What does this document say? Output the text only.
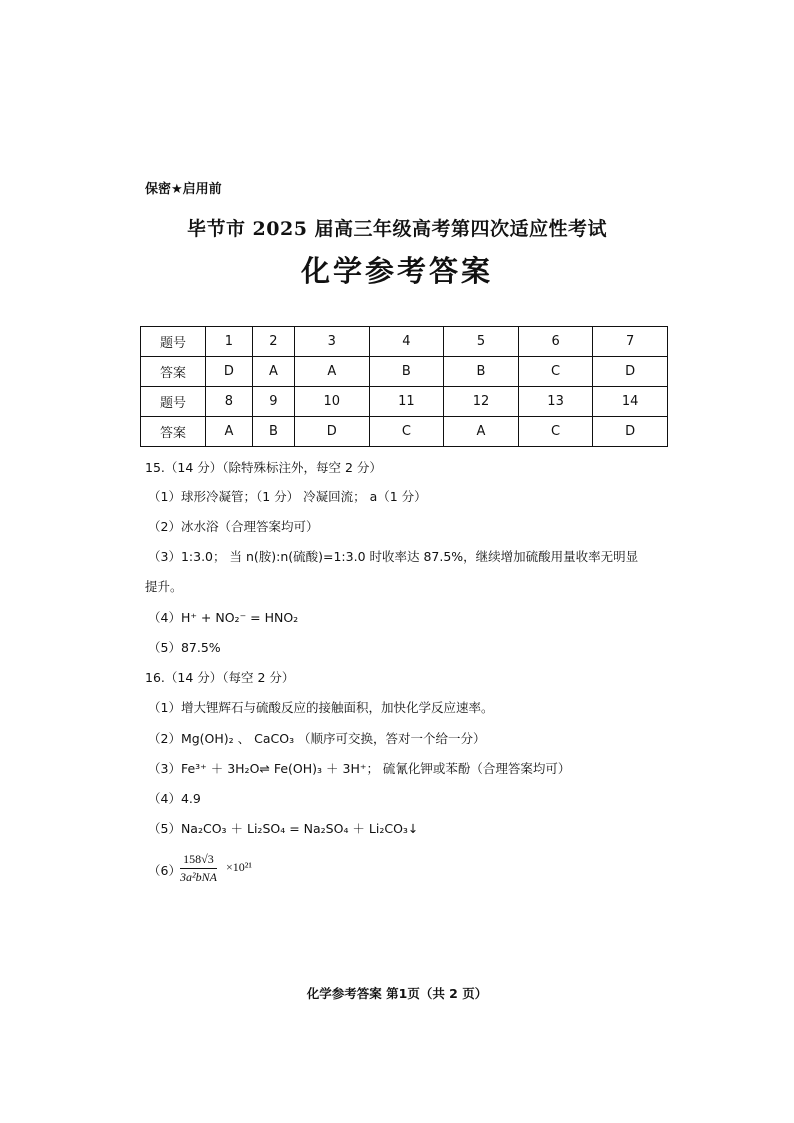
保密★启用前
毕节市 2025 届高三年级高考第四次适应性考试
化学参考答案
题号	1	2	3	4	5	6	7
答案	D	A	A	B	B	C	D
题号	8	9	10	11	12	13	14
答案	A	B	D	C	A	C	D
15.（14 分）（除特殊标注外，每空 2 分）
（1）球形冷凝管；（1 分） 冷凝回流； a（1 分）
（2）冰水浴（合理答案均可）
（3）1:3.0； 当 n(胺):n(硫酸)=1:3.0 时收率达 87.5%，继续增加硫酸用量收率无明显
提升。
（4）H⁺ + NO₂⁻ = HNO₂
（5）87.5%
16.（14 分）（每空 2 分）
（1）增大锂辉石与硫酸反应的接触面积，加快化学反应速率。
（2）Mg(OH)₂ 、 CaCO₃ （顺序可交换，答对一个给一分）
（3）Fe³⁺ ＋ 3H₂O⇌ Fe(OH)₃ ＋ 3H⁺； 硫氰化钾或苯酚（合理答案均可）
（4）4.9
（5）Na₂CO₃ ＋ Li₂SO₄ = Na₂SO₄ ＋ Li₂CO₃↓
（6）
158√3
3a²bNA
×10²¹
化学参考答案 第1页（共 2 页）
